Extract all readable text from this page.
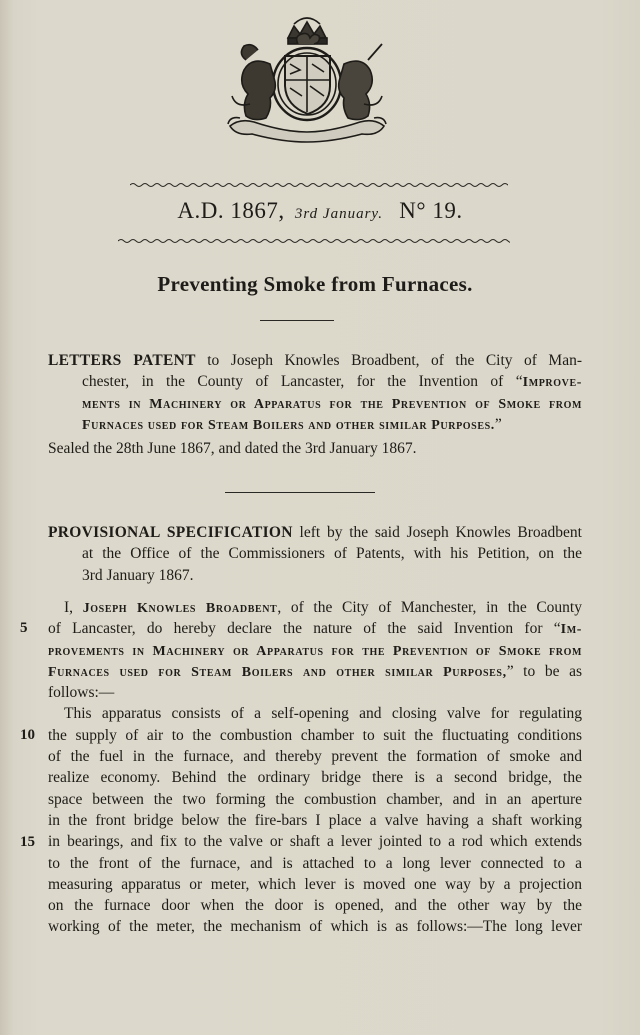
A.D. 1867, 3rd January. N° 19.
Preventing Smoke from Furnaces.
LETTERS PATENT to Joseph Knowles Broadbent, of the City of Man-
chester, in the County of Lancaster, for the Invention of “Improve-
ments in Machinery or Apparatus for the Prevention of Smoke from
Furnaces used for Steam Boilers and other similar Purposes.”
Sealed the 28th June 1867, and dated the 3rd January 1867.
PROVISIONAL SPECIFICATION left by the said Joseph Knowles Broadbent
at the Office of the Commissioners of Patents, with his Petition, on the
3rd January 1867.
5
10
15
I, Joseph Knowles Broadbent, of the City of Manchester, in the County
of Lancaster, do hereby declare the nature of the said Invention for “Im-
provements in Machinery or Apparatus for the Prevention of Smoke from
Furnaces used for Steam Boilers and other similar Purposes,” to be as
follows:—
This apparatus consists of a self-opening and closing valve for regulating
the supply of air to the combustion chamber to suit the fluctuating conditions
of the fuel in the furnace, and thereby prevent the formation of smoke and
realize economy. Behind the ordinary bridge there is a second bridge, the
space between the two forming the combustion chamber, and in an aperture
in the front bridge below the fire-bars I place a valve having a shaft working
in bearings, and fix to the valve or shaft a lever jointed to a rod which extends
to the front of the furnace, and is attached to a long lever connected to a
measuring apparatus or meter, which lever is moved one way by a projection
on the furnace door when the door is opened, and the other way by the
working of the meter, the mechanism of which is as follows:—The long lever
